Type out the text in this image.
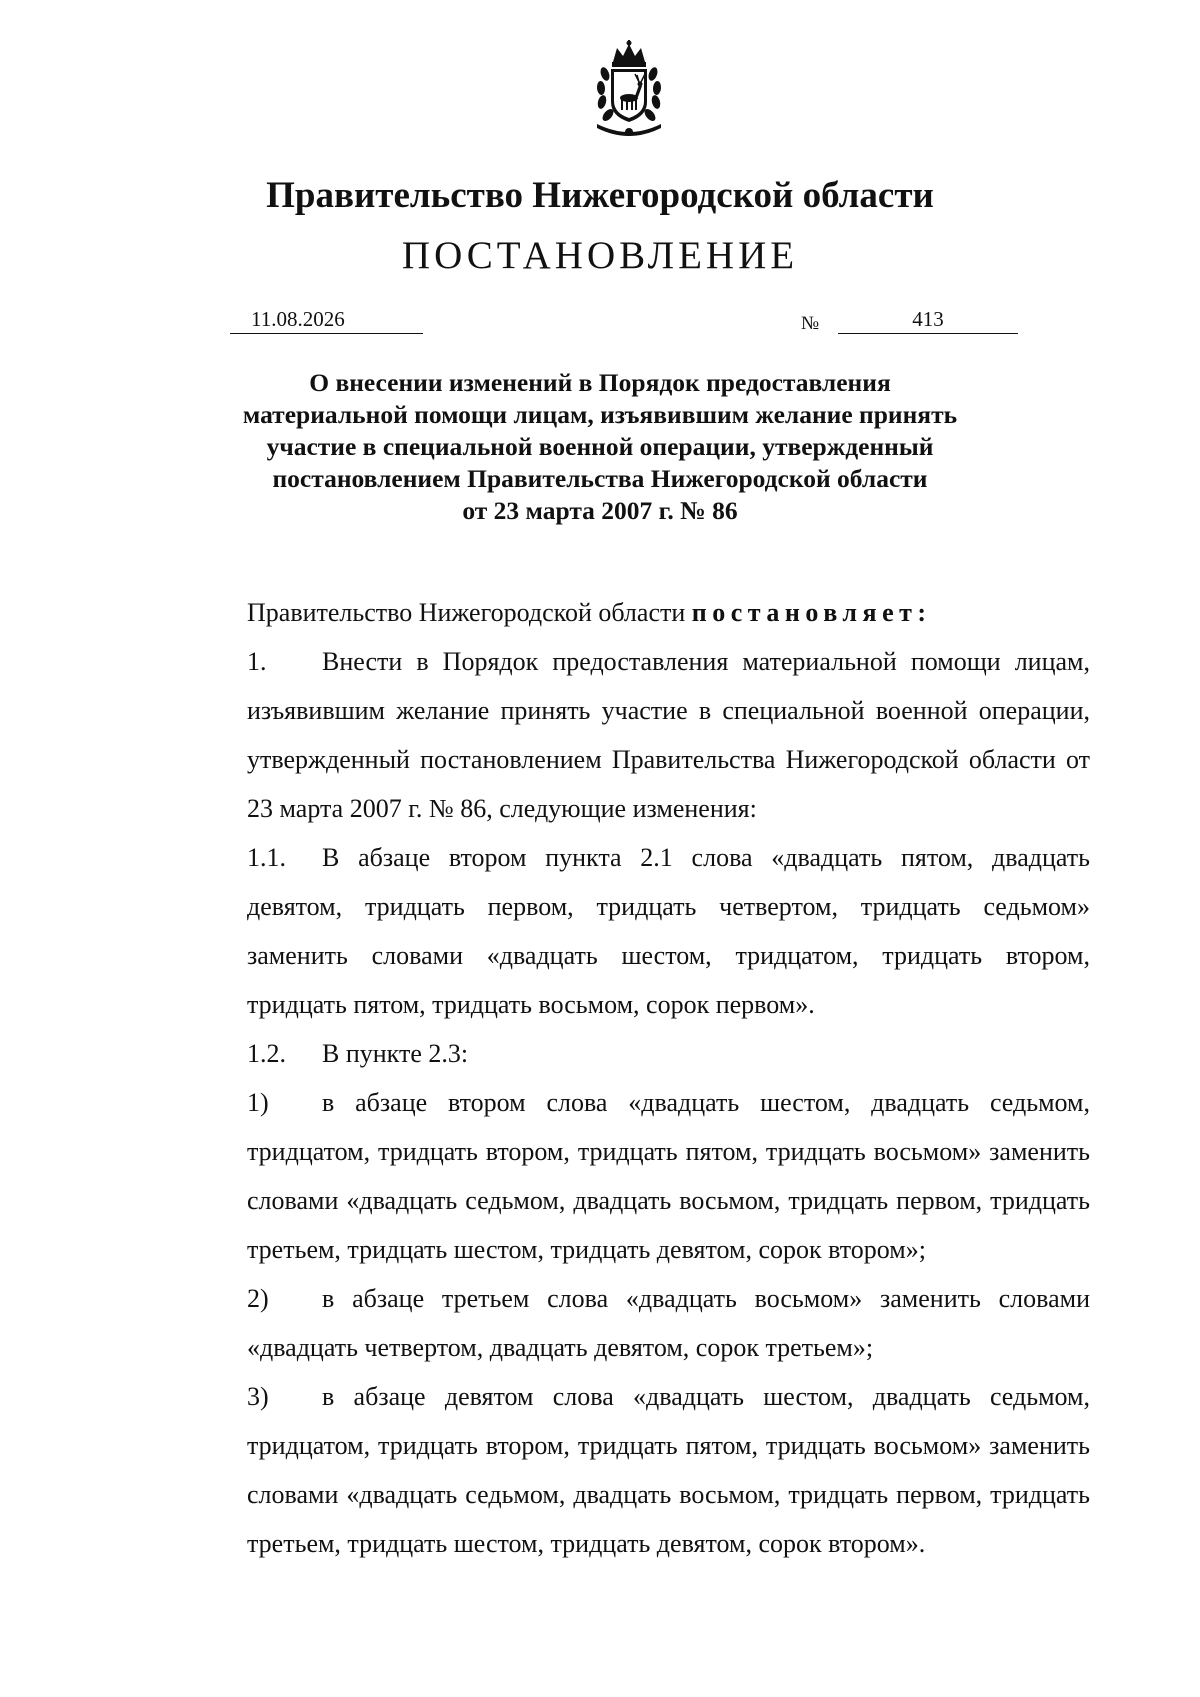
Правительство Нижегородской области
ПОСТАНОВЛЕНИЕ
11.08.2026	№	413
О внесении изменений в Порядок предоставления
материальной помощи лицам, изъявившим желание принять
участие в специальной военной операции, утвержденный
постановлением Правительства Нижегородской области
от 23 марта 2007 г. № 86

Правительство Нижегородской области постановляет:

1. Внести в Порядок предоставления материальной помощи лицам, изъявившим желание принять участие в специальной военной операции, утвержденный постановлением Правительства Нижегородской области от 23 марта 2007 г. № 86, следующие изменения:

1.1. В абзаце втором пункта 2.1 слова «двадцать пятом, двадцать девятом, тридцать первом, тридцать четвертом, тридцать седьмом» заменить словами «двадцать шестом, тридцатом, тридцать втором, тридцать пятом, тридцать восьмом, сорок первом».

1.2. В пункте 2.3:

1) в абзаце втором слова «двадцать шестом, двадцать седьмом, тридцатом, тридцать втором, тридцать пятом, тридцать восьмом» заменить словами «двадцать седьмом, двадцать восьмом, тридцать первом, тридцать третьем, тридцать шестом, тридцать девятом, сорок втором»;

2) в абзаце третьем слова «двадцать восьмом» заменить словами «двадцать четвертом, двадцать девятом, сорок третьем»;

3) в абзаце девятом слова «двадцать шестом, двадцать седьмом, тридцатом, тридцать втором, тридцать пятом, тридцать восьмом» заменить словами «двадцать седьмом, двадцать восьмом, тридцать первом, тридцать третьем, тридцать шестом, тридцать девятом, сорок втором».
